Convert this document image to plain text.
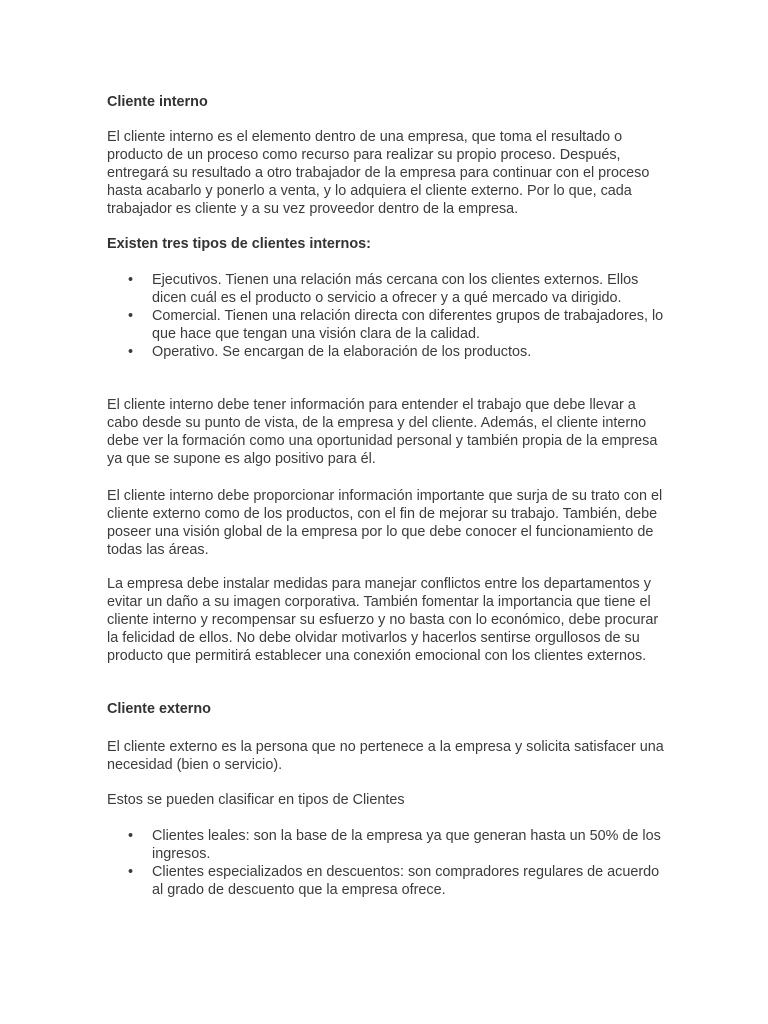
Cliente interno

El cliente interno es el elemento dentro de una empresa, que toma el resultado o producto de un proceso como recurso para realizar su propio proceso. Después, entregará su resultado a otro trabajador de la empresa para continuar con el proceso hasta acabarlo y ponerlo a venta, y lo adquiera el cliente externo. Por lo que, cada trabajador es cliente y a su vez proveedor dentro de la empresa.

Existen tres tipos de clientes internos:

• Ejecutivos. Tienen una relación más cercana con los clientes externos. Ellos dicen cuál es el producto o servicio a ofrecer y a qué mercado va dirigido.
• Comercial. Tienen una relación directa con diferentes grupos de trabajadores, lo que hace que tengan una visión clara de la calidad.
• Operativo. Se encargan de la elaboración de los productos.

El cliente interno debe tener información para entender el trabajo que debe llevar a cabo desde su punto de vista, de la empresa y del cliente. Además, el cliente interno debe ver la formación como una oportunidad personal y también propia de la empresa ya que se supone es algo positivo para él.

El cliente interno debe proporcionar información importante que surja de su trato con el cliente externo como de los productos, con el fin de mejorar su trabajo. También, debe poseer una visión global de la empresa por lo que debe conocer el funcionamiento de todas las áreas.

La empresa debe instalar medidas para manejar conflictos entre los departamentos y evitar un daño a su imagen corporativa. También fomentar la importancia que tiene el cliente interno y recompensar su esfuerzo y no basta con lo económico, debe procurar la felicidad de ellos. No debe olvidar motivarlos y hacerlos sentirse orgullosos de su producto que permitirá establecer una conexión emocional con los clientes externos.

Cliente externo

El cliente externo es la persona que no pertenece a la empresa y solicita satisfacer una necesidad (bien o servicio).

Estos se pueden clasificar en tipos de Clientes

• Clientes leales: son la base de la empresa ya que generan hasta un 50% de los ingresos.
• Clientes especializados en descuentos: son compradores regulares de acuerdo al grado de descuento que la empresa ofrece.
